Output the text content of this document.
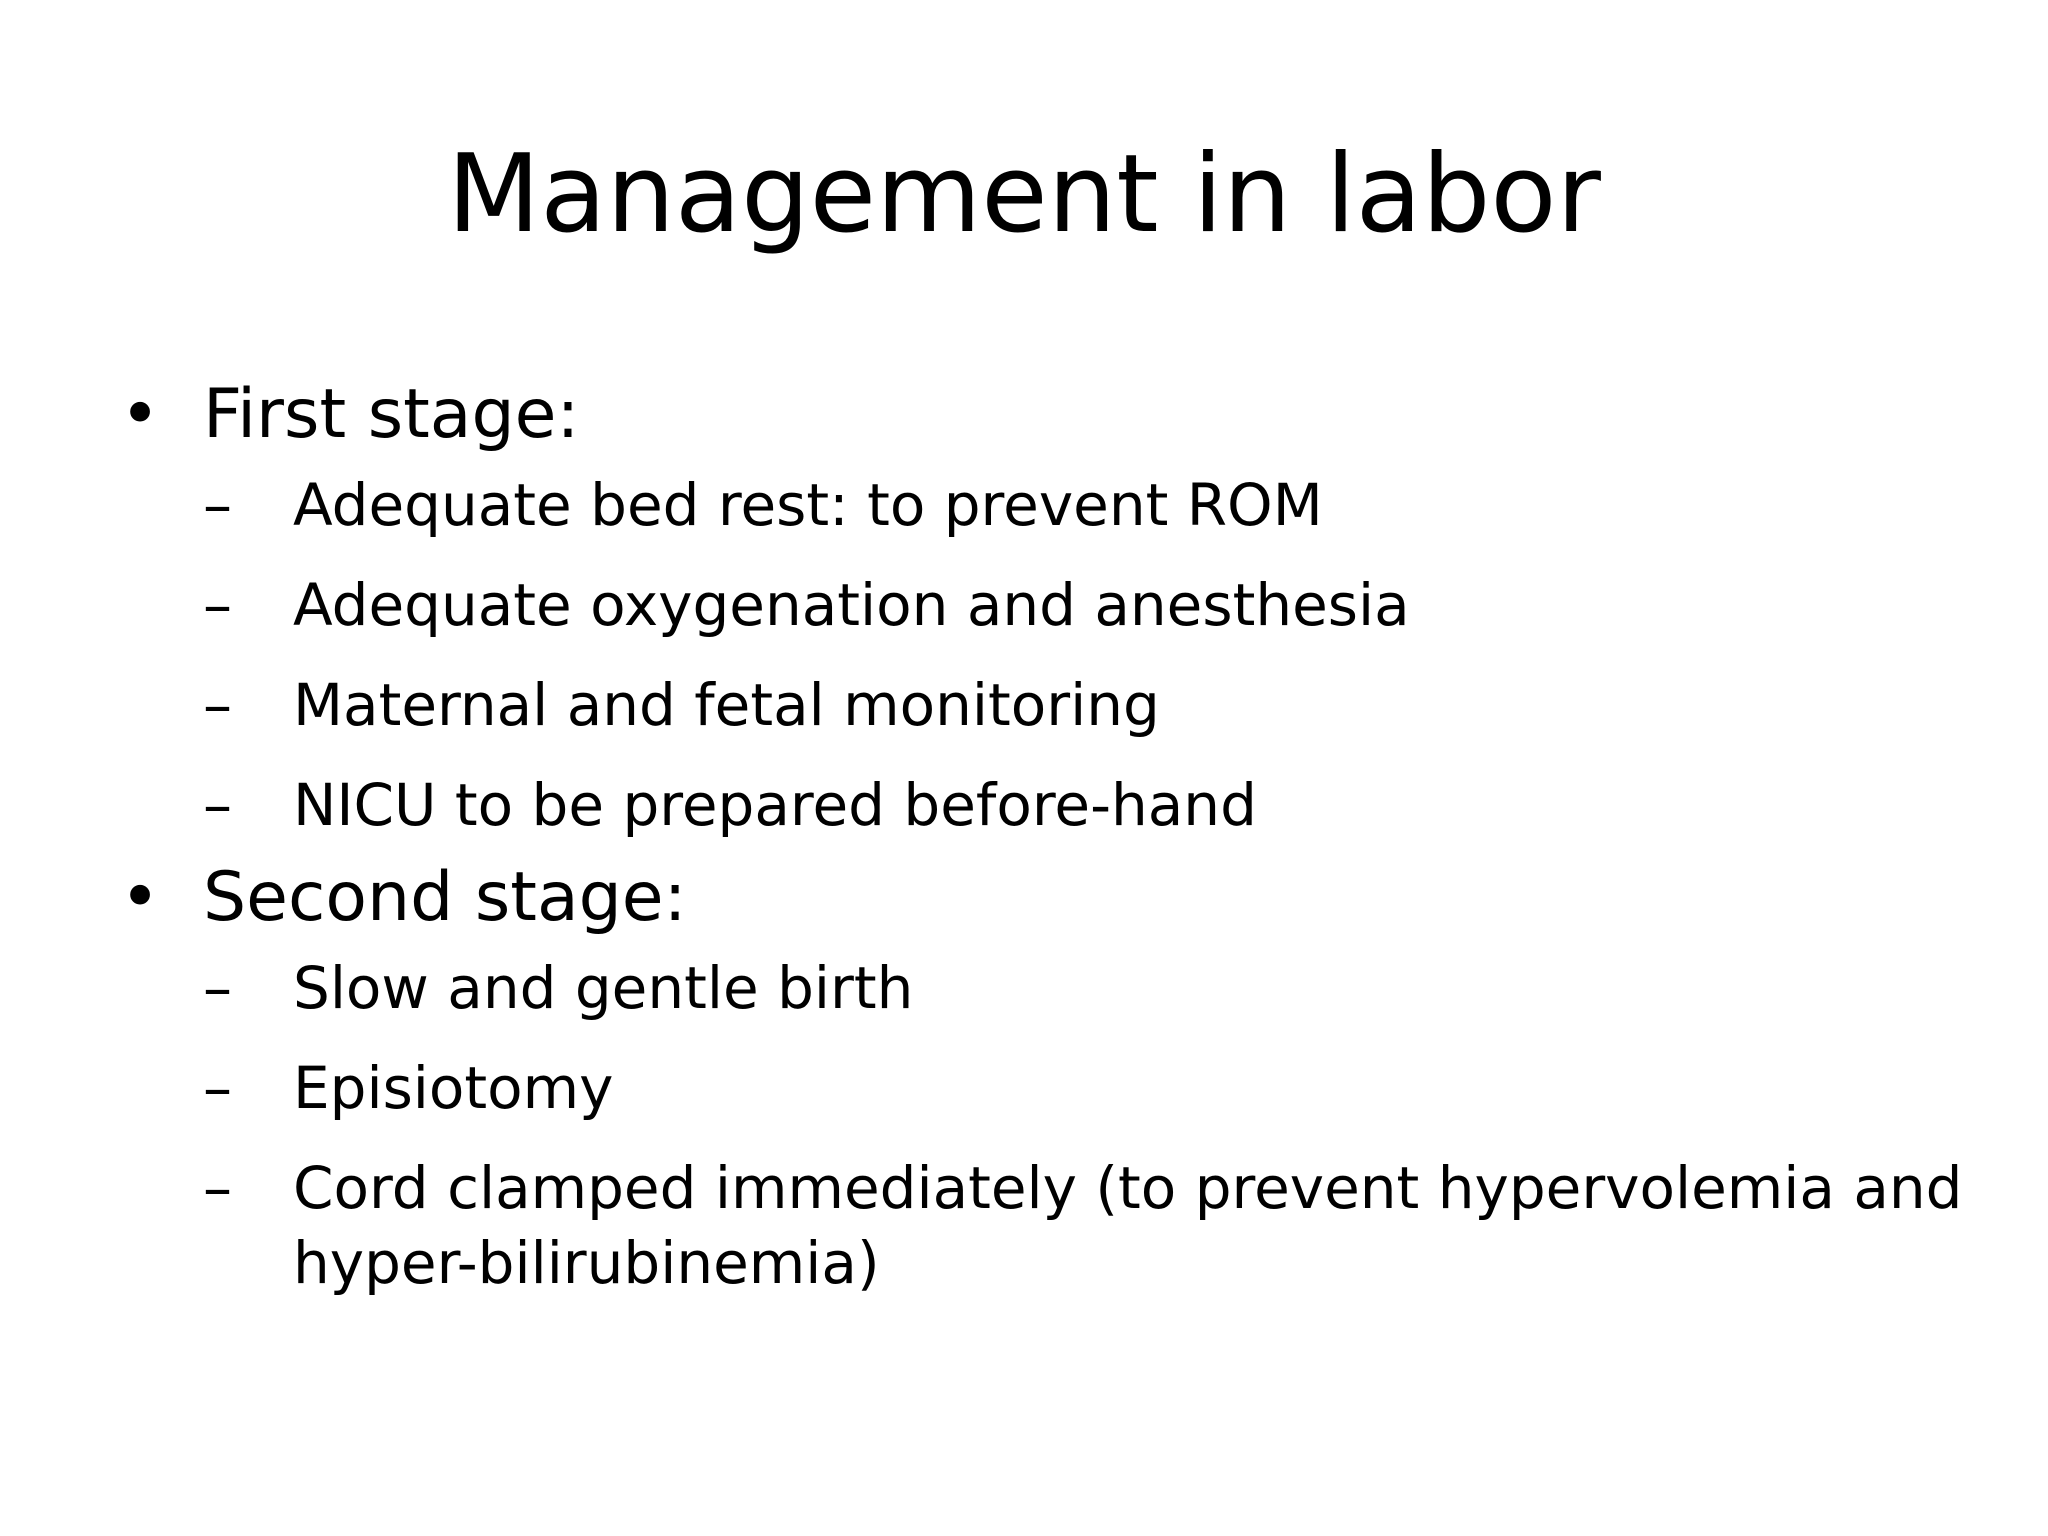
Management in labor
• First stage:
–	Adequate bed rest: to prevent ROM
–	Adequate oxygenation and anesthesia
–	Maternal and fetal monitoring
–	NICU to be prepared before-hand
• Second stage:
–	Slow and gentle birth
–	Episiotomy
–	Cord clamped immediately (to prevent hypervolemia and hyper-bilirubinemia)
